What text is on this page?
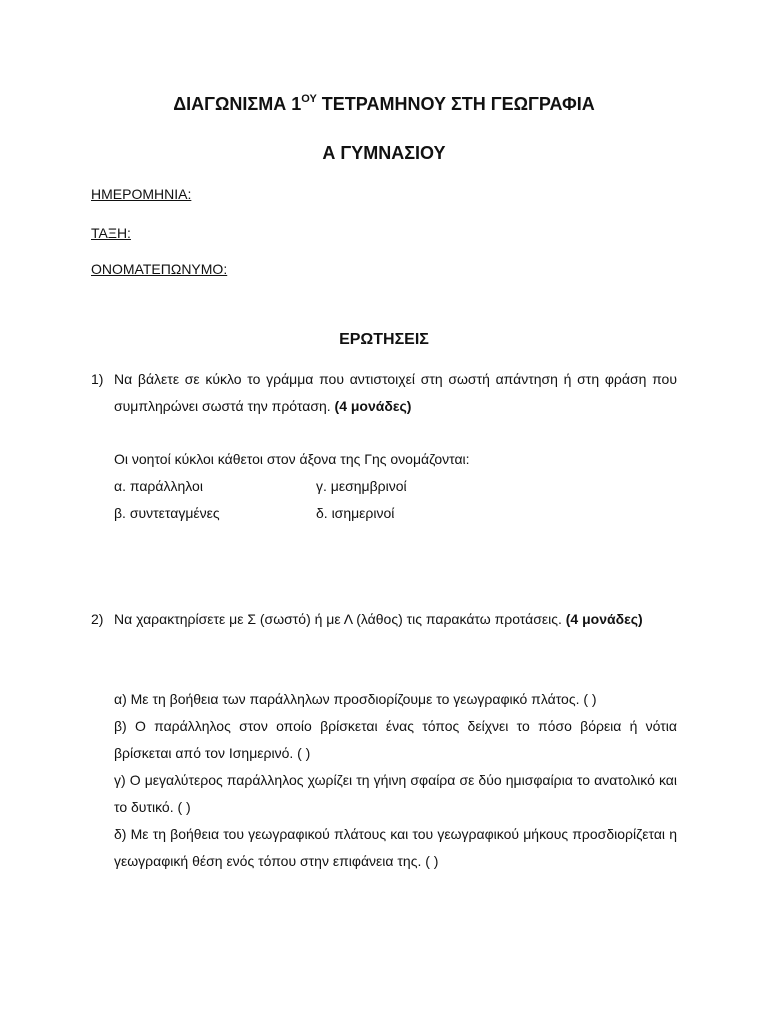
ΔΙΑΓΩΝΙΣΜΑ $1^{O\Upsilon}$ ΤΕΤΡΑΜΗΝΟΥ ΣΤΗ ΓΕΩΓΡΑΦΙΑ
Α ΓΥΜΝΑΣΙΟΥ

ΗΜΕΡΟΜΗΝΙΑ:

ΤΑΞΗ:

ΟΝΟΜΑΤΕΠΩΝΥΜΟ:

ΕΡΩΤΗΣΕΙΣ
1) Να βάλετε σε κύκλο το γράμμα που αντιστοιχεί στη σωστή απάντηση ή στη φράση που συμπληρώνει σωστά την πρόταση. (4 μονάδες)

Οι νοητοί κύκλοι κάθετοι στον άξονα της Γης ονομάζονται:

α. παράλληλοι	γ. μεσημβρινοί
β. συντεταγμένες	δ. ισημερινοί
2) Να χαρακτηρίσετε με Σ (σωστό) ή με Λ (λάθος) τις παρακάτω προτάσεις. (4 μονάδες)

α) Με τη βοήθεια των παράλληλων προσδιορίζουμε το γεωγραφικό πλάτος. ( )

β) Ο παράλληλος στον οποίο βρίσκεται ένας τόπος δείχνει το πόσο βόρεια ή νότια βρίσκεται από τον Ισημερινό. ( )

γ) Ο μεγαλύτερος παράλληλος χωρίζει τη γήινη σφαίρα σε δύο ημισφαίρια το ανατολικό και το δυτικό. ( )

δ) Με τη βοήθεια του γεωγραφικού πλάτους και του γεωγραφικού μήκους προσδιορίζεται η γεωγραφική θέση ενός τόπου στην επιφάνεια της. ( )
